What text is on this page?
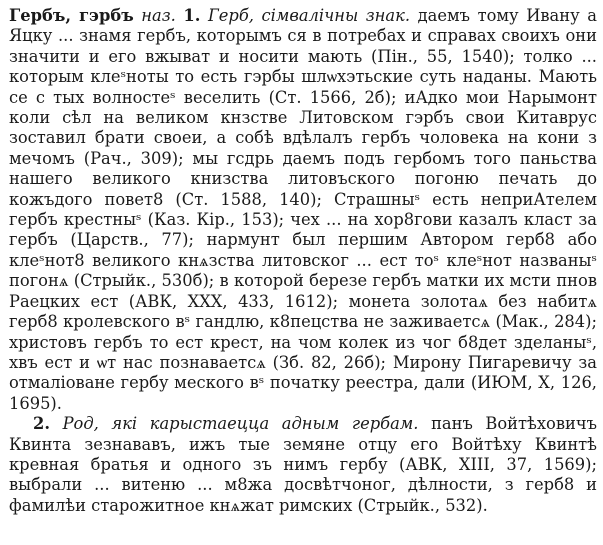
Гербъ, гэрбъ наз. 1. Герб, сімвалічны знак. даемъ тому Ивану а Яцку ... знамя гербъ, которымъ ся в потребах и справах своихъ они значити и его вжыват и носити мають (Пін., 55, 1540); толко ... которым клеˢноты то есть гэрбы шлѡхэтьские суть наданы. Мають се с тых волностеˢ веселить (Ст. 1566, 2б); иАдко мои Нарымонт коли сѣл на великом кнзстве Литовском гэрбъ свои Китаврус зоставил брати своеи, а собѣ вдѣлалъ гербъ чоловека на кони з мечомъ (Рач., 309); мы гсдрь даемъ подъ гербомъ того паньства нашего великого книзства литовъского погоню печать до кожъдого повет8 (Ст. 1588, 140); Страшныˢ есть неприАтелем гербъ крестныˢ (Каз. Кір., 153); чех ... на хор8гови казалъ клаcт за гербъ (Царств., 77); нармунт был першим Автором герб8 або клеˢнот8 великого кнѧзства литовског ... ест тоˢ клеˢнот названыˢ погонѧ (Стрыйк., 530б); в которой березе гербъ матки их мсти пнов Раецких ест (АВК, XXX, 433, 1612); монета золотаѧ без набитѧ герб8 кролевского вˢ гандлю, к8пецства не заживаетсѧ (Мак., 284); христовъ гербъ то ест крест, на чом колек из чог б8дет зделаныˢ, хвъ ест и ѡт нас познаваетсѧ (Зб. 82, 26б); Мирону Пигаревичу за отмалiоване гербу меского вˢ початку реестра, дали (ИЮМ, X, 126, 1695).
2. Род, які карыстаецца адным гербам. панъ Войтѣховичъ Квинта зезнававъ, ижъ тые земяне отцу его Войтѣху Квинтѣ кревная братья и одного зъ нимъ гербу (АВК, XIII, 37, 1569); выбрали ... витеню ... м8жа досвѣтчоног, дѣлности, з герб8 и фамилѣи старожитное кнѧжат римских (Стрыйк., 532).
